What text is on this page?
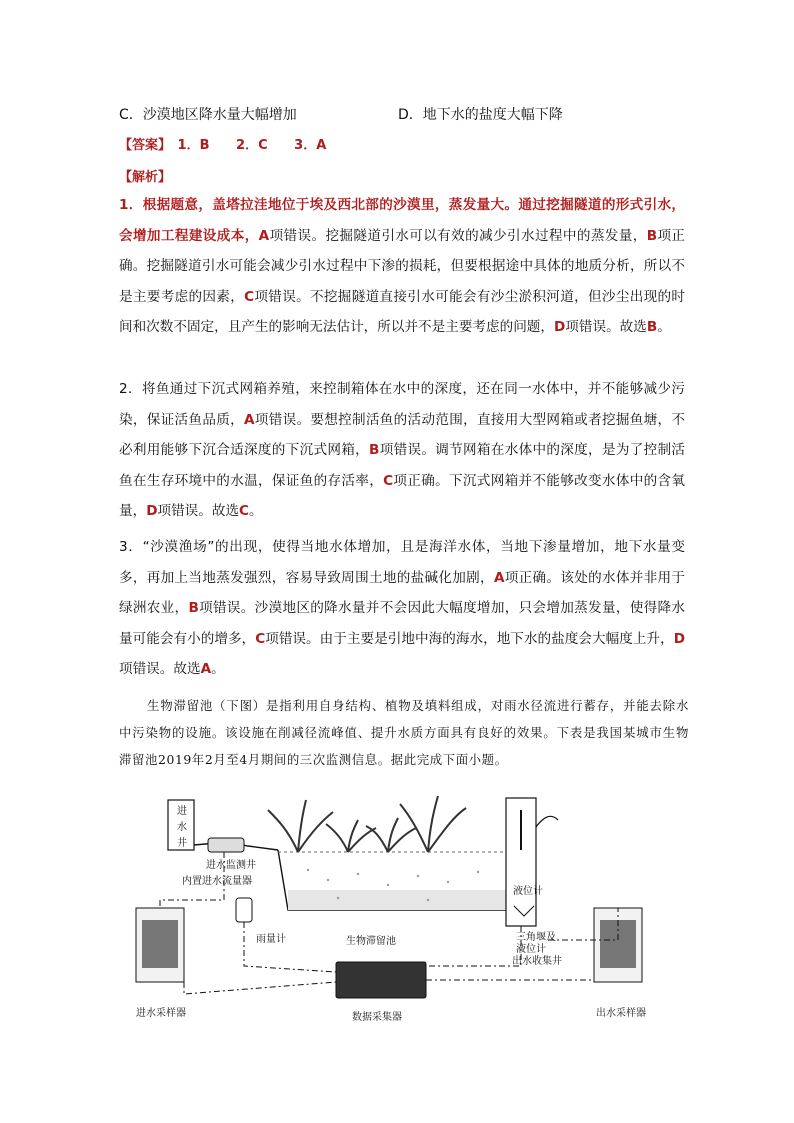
C．沙漠地区降水量大幅增加	D．地下水的盐度大幅下降
【答案】 1．B 2．C 3．A
【解析】
1．根据题意，盖塔拉洼地位于埃及西北部的沙漠里，蒸发量大。通过挖掘隧道的形式引水，会增加工程建设成本，A项错误。挖掘隧道引水可以有效的减少引水过程中的蒸发量，B项正确。挖掘隧道引水可能会减少引水过程中下渗的损耗，但要根据途中具体的地质分析，所以不是主要考虑的因素，C项错误。不挖掘隧道直接引水可能会有沙尘淤积河道，但沙尘出现的时间和次数不固定，且产生的影响无法估计，所以并不是主要考虑的问题，D项错误。故选B。
2．将鱼通过下沉式网箱养殖，来控制箱体在水中的深度，还在同一水体中，并不能够减少污染，保证活鱼品质，A项错误。要想控制活鱼的活动范围，直接用大型网箱或者挖掘鱼塘，不必利用能够下沉合适深度的下沉式网箱，B项错误。调节网箱在水体中的深度，是为了控制活鱼在生存环境中的水温，保证鱼的存活率，C项正确。下沉式网箱并不能够改变水体中的含氧量，D项错误。故选C。
3．“沙漠渔场”的出现，使得当地水体增加，且是海洋水体，当地下渗量增加，地下水量变多，再加上当地蒸发强烈，容易导致周围土地的盐碱化加剧，A项正确。该处的水体并非用于绿洲农业，B项错误。沙漠地区的降水量并不会因此大幅度增加，只会增加蒸发量，使得降水量可能会有小的增多，C项错误。由于主要是引地中海的海水，地下水的盐度会大幅度上升，D项错误。故选A。
生物滞留池（下图）是指利用自身结构、植物及填料组成，对雨水径流进行蓄存，并能去除水中污染物的设施。该设施在削减径流峰值、提升水质方面具有良好的效果。下表是我国某城市生物滞留池2019年2月至4月期间的三次监测信息。据此完成下面小题。
进
水
井
进水监测井
内置进水流量器
生物滞留池
液位计
三角堰及
液位计
出水收集井
雨量计
进水采样器	出水采样器
数据采集器
